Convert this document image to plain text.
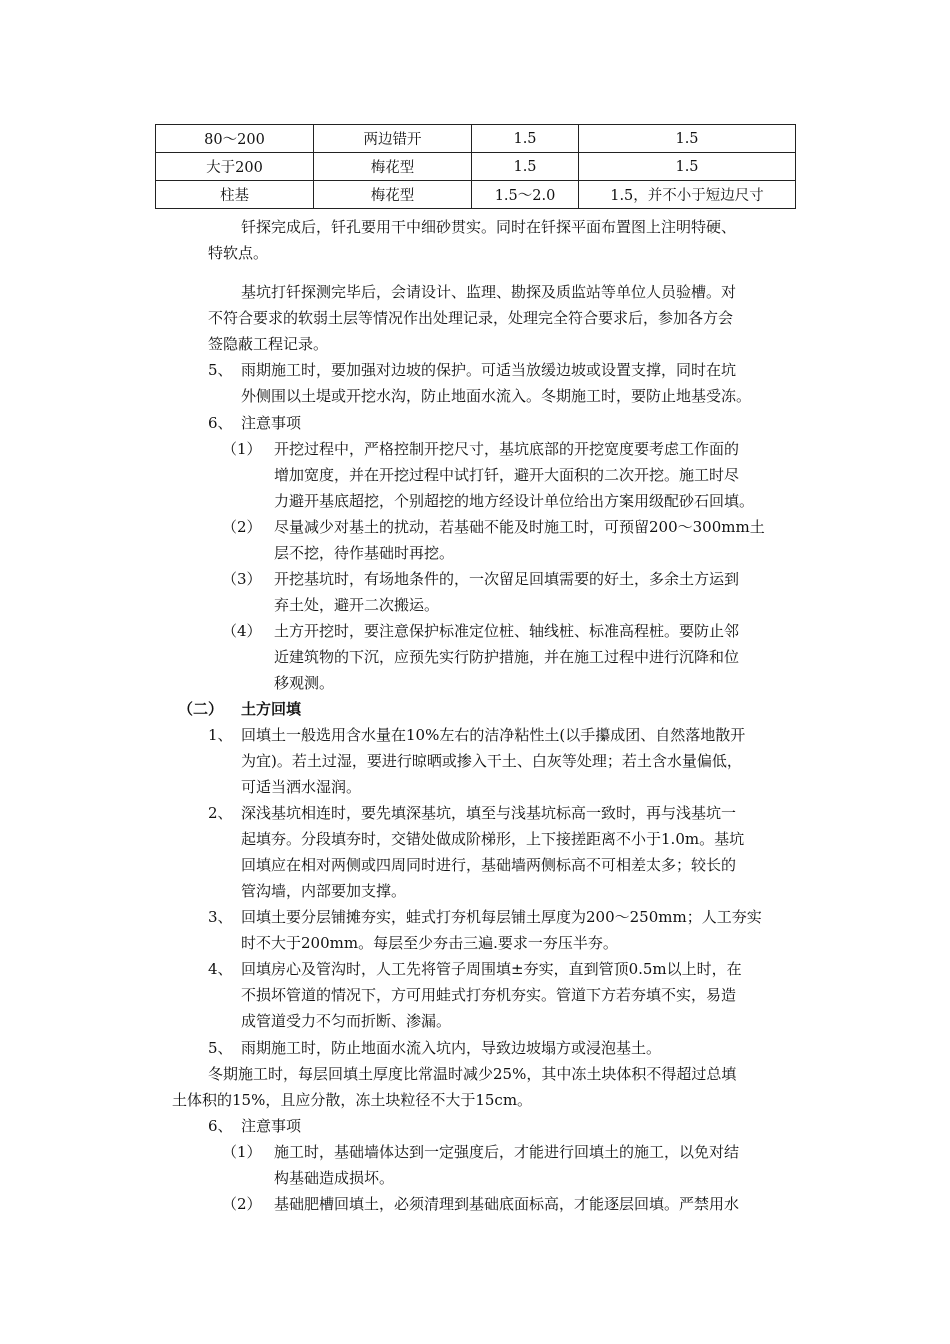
80～200	两边错开	1.5	1.5
大于200	梅花型	1.5	1.5
柱基	梅花型	1.5～2.0	1.5，并不小于短边尺寸
钎探完成后，钎孔要用干中细砂贯实。同时在钎探平面布置图上注明特硬、
特软点。
基坑打钎探测完毕后，会请设计、监理、勘探及质监站等单位人员验槽。对
不符合要求的软弱土层等情况作出处理记录，处理完全符合要求后，参加各方会
签隐蔽工程记录。
5、 雨期施工时，要加强对边坡的保护。可适当放缓边坡或设置支撑，同时在坑
外侧围以土堤或开挖水沟，防止地面水流入。冬期施工时，要防止地基受冻。
6、 注意事项
（1） 开挖过程中，严格控制开挖尺寸，基坑底部的开挖宽度要考虑工作面的
增加宽度，并在开挖过程中试打钎，避开大面积的二次开挖。施工时尽
力避开基底超挖，个别超挖的地方经设计单位给出方案用级配砂石回填。
（2） 尽量减少对基土的扰动，若基础不能及时施工时，可预留200～300mm土
层不挖，待作基础时再挖。
（3） 开挖基坑时，有场地条件的，一次留足回填需要的好土，多余土方运到
弃土处，避开二次搬运。
（4） 土方开挖时，要注意保护标准定位桩、轴线桩、标准高程桩。要防止邻
近建筑物的下沉，应预先实行防护措施，并在施工过程中进行沉降和位
移观测。
（二） 土方回填
1、 回填土一般选用含水量在10%左右的洁净粘性土(以手攥成团、自然落地散开
为宜)。若土过湿，要进行晾晒或掺入干土、白灰等处理；若土含水量偏低，
可适当洒水湿润。
2、 深浅基坑相连时，要先填深基坑，填至与浅基坑标高一致时，再与浅基坑一
起填夯。分段填夯时，交错处做成阶梯形，上下接搓距离不小于1.0m。基坑
回填应在相对两侧或四周同时进行，基础墙两侧标高不可相差太多；较长的
管沟墙，内部要加支撑。
3、 回填土要分层铺摊夯实，蛙式打夯机每层铺土厚度为200～250mm；人工夯实
时不大于200mm。每层至少夯击三遍.要求一夯压半夯。
4、 回填房心及管沟时，人工先将管子周围填±夯实，直到管顶0.5m以上时，在
不损坏管道的情况下，方可用蛙式打夯机夯实。管道下方若夯填不实，易造
成管道受力不匀而折断、渗漏。
5、 雨期施工时，防止地面水流入坑内，导致边坡塌方或浸泡基土。
冬期施工时，每层回填土厚度比常温时减少25%，其中冻土块体积不得超过总填
土体积的15%，且应分散，冻土块粒径不大于15cm。
6、 注意事项
（1） 施工时，基础墙体达到一定强度后，才能进行回填土的施工，以免对结
构基础造成损坏。
（2） 基础肥槽回填土，必须清理到基础底面标高，才能逐层回填。严禁用水
